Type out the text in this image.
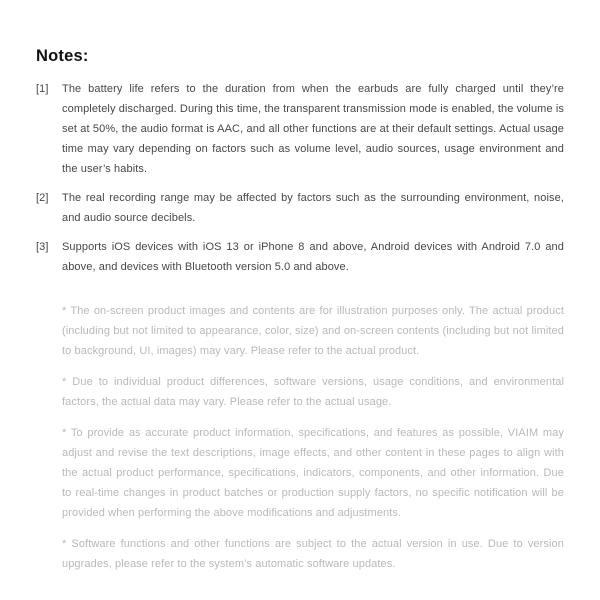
Notes:
[1]	The battery life refers to the duration from when the earbuds are fully charged until they’re completely discharged. During this time, the transparent transmission mode is enabled, the volume is set at 50%, the audio format is AAC, and all other functions are at their default settings. Actual usage time may vary depending on factors such as volume level, audio sources, usage environment and the user’s habits.
[2]	The real recording range may be affected by factors such as the surrounding environment, noise, and audio source decibels.
[3]	Supports iOS devices with iOS 13 or iPhone 8 and above, Android devices with Android 7.0 and above, and devices with Bluetooth version 5.0 and above.

* The on-screen product images and contents are for illustration purposes only. The actual product (including but not limited to appearance, color, size) and on-screen contents (including but not limited to background, UI, images) may vary. Please refer to the actual product.

* Due to individual product differences, software versions, usage conditions, and environmental factors, the actual data may vary. Please refer to the actual usage.

* To provide as accurate product information, specifications, and features as possible, VIAIM may adjust and revise the text descriptions, image effects, and other content in these pages to align with the actual product performance, specifications, indicators, components, and other information. Due to real-time changes in product batches or production supply factors, no specific notification will be provided when performing the above modifications and adjustments.

* Software functions and other functions are subject to the actual version in use. Due to version upgrades, please refer to the system’s automatic software updates.
